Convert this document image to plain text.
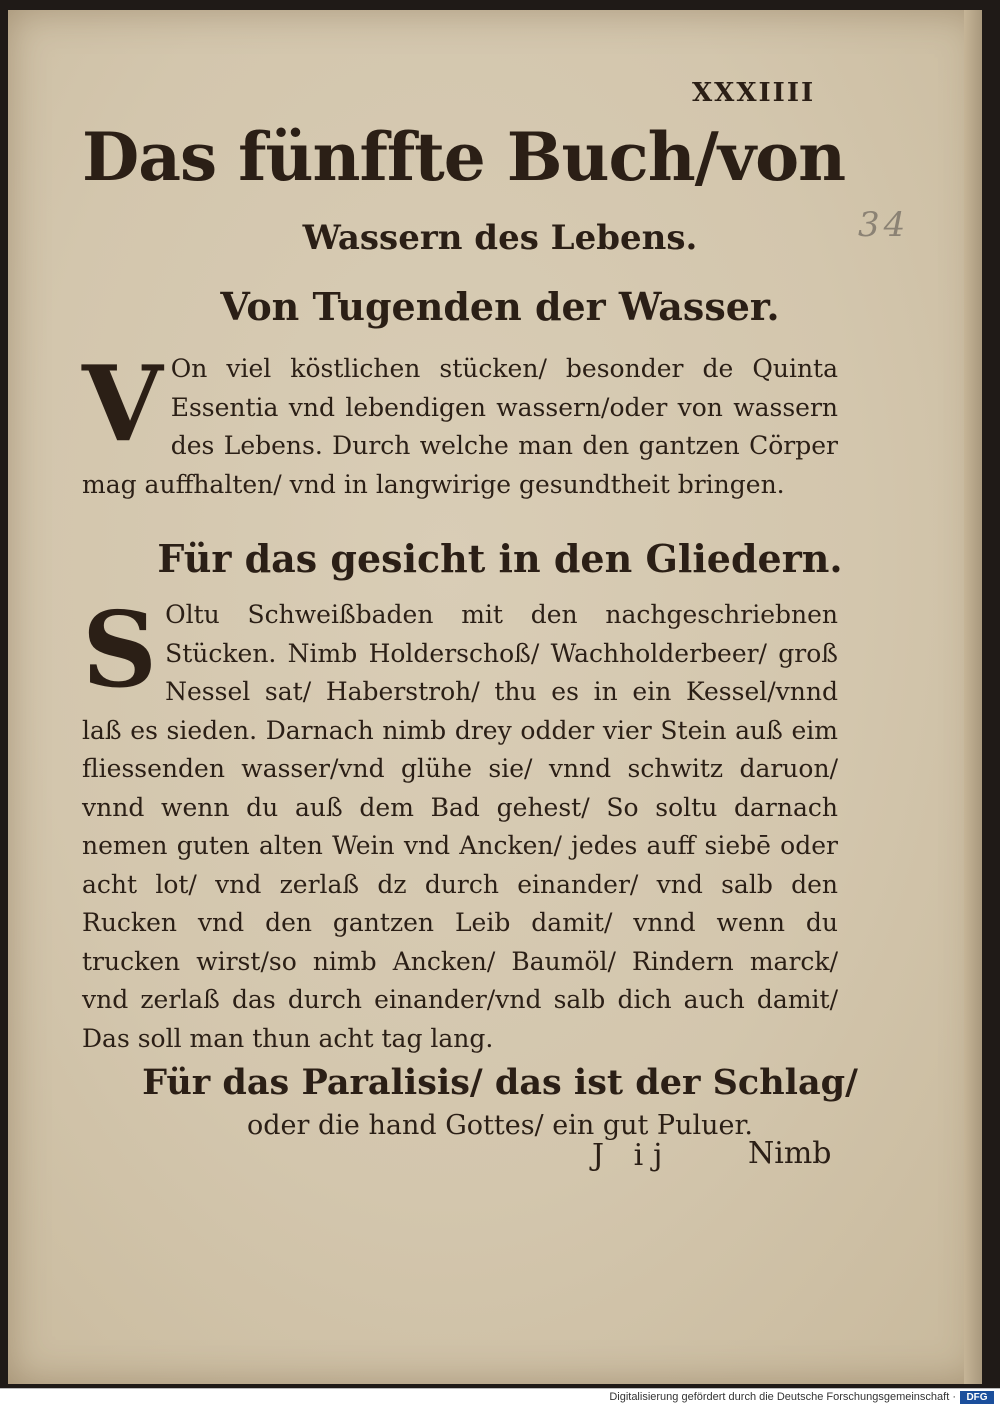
XXXIIII
34
Das fünffte Buch/von
Wassern des Lebens.
Von Tugenden der Wasser.
V On viel köstlichen stücken/ besonder de Quinta Essentia vnd lebendigen wassern/oder von wassern des Lebens. Durch welche man den gantzen Cörper mag auffhalten/ vnd in langwirige gesundtheit bringen.
Für das gesicht in den Gliedern.
S Oltu Schweißbaden mit den nachgeschriebnen Stücken. Nimb Holderschoß/ Wachholderbeer/ groß Nessel sat/ Haberstroh/ thu es in ein Kessel/vnnd laß es sieden. Darnach nimb drey odder vier Stein auß eim fliessenden wasser/vnd glühe sie/ vnnd schwitz daruon/ vnnd wenn du auß dem Bad gehest/ So soltu darnach nemen guten alten Wein vnd Ancken/ jedes auff siebē oder acht lot/ vnd zerlaß dz durch einander/ vnd salb den Rucken vnd den gantzen Leib damit/ vnnd wenn du trucken wirst/so nimb Ancken/ Baumöl/ Rindern marck/ vnd zerlaß das durch einander/vnd salb dich auch damit/ Das soll man thun acht tag lang.
Für das Paralisis/ das ist der Schlag/
oder die hand Gottes/ ein gut Puluer.
J ij	Nimb
Digitalisierung gefördert durch die Deutsche Forschungsgemeinschaft ·	DFG
